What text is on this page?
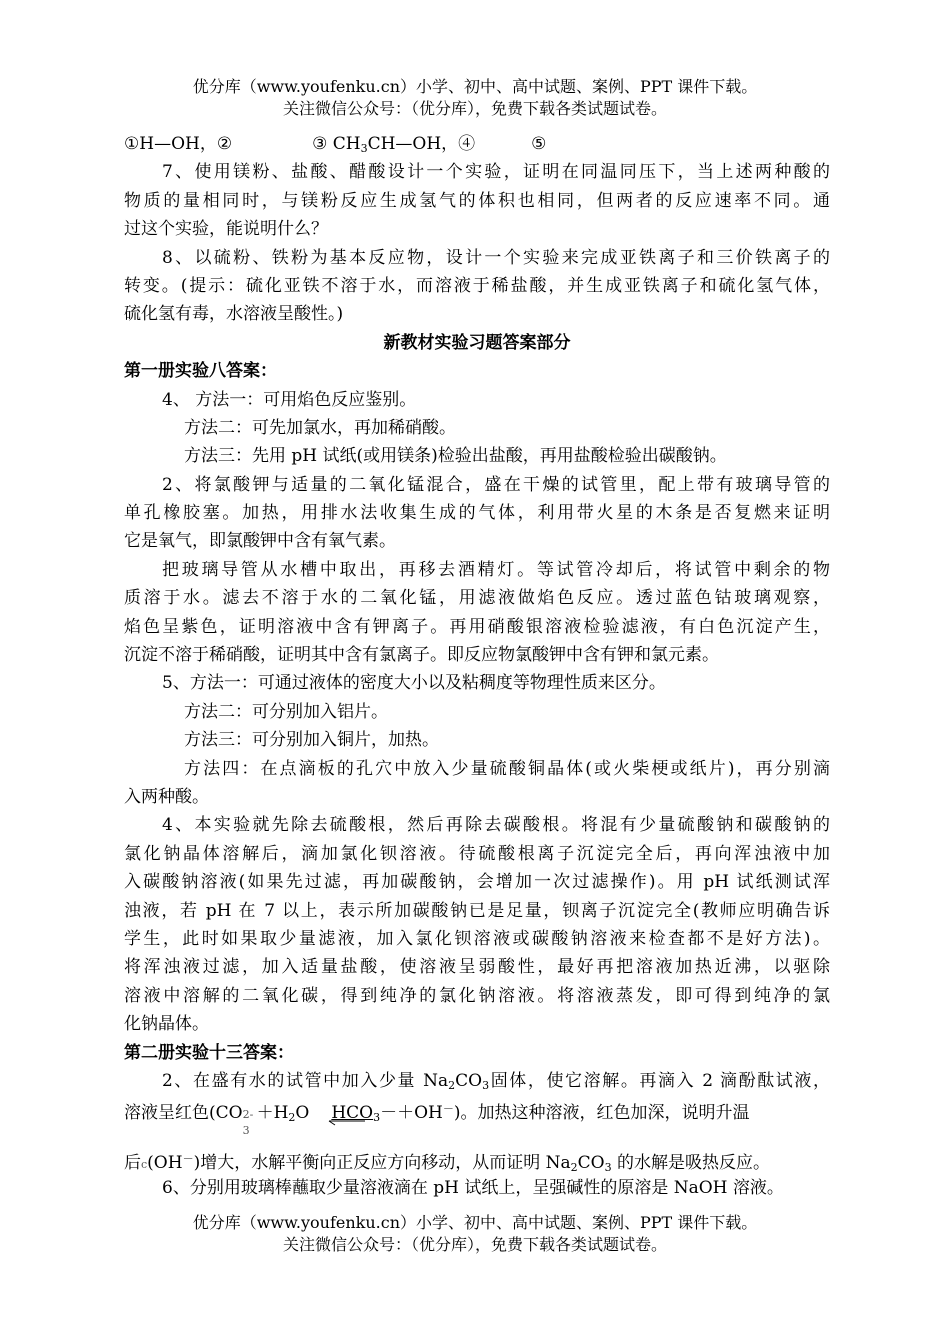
优分库（www.youfenku.cn）小学、初中、高中试题、案例、PPT 课件下载。
关注微信公众号：（优分库），免费下载各类试题试卷。
①H—OH，②	③ $CH_3CH—OH$，④	⑤
7、使用镁粉、盐酸、醋酸设计一个实验，证明在同温同压下，当上述两种酸的
物质的量相同时，与镁粉反应生成氢气的体积也相同，但两者的反应速率不同。通
过这个实验，能说明什么？
8、以硫粉、铁粉为基本反应物，设计一个实验来完成亚铁离子和三价铁离子的
转变。(提示：硫化亚铁不溶于水，而溶液于稀盐酸，并生成亚铁离子和硫化氢气体，
硫化氢有毒，水溶液呈酸性。)
新教材实验习题答案部分
第一册实验八答案：
4、 方法一：可用焰色反应鉴别。
方法二：可先加氯水，再加稀硝酸。
方法三：先用 pH 试纸(或用镁条)检验出盐酸，再用盐酸检验出碳酸钠。
2、将氯酸钾与适量的二氧化锰混合，盛在干燥的试管里，配上带有玻璃导管的
单孔橡胶塞。加热，用排水法收集生成的气体，利用带火星的木条是否复燃来证明
它是氧气，即氯酸钾中含有氧气素。
把玻璃导管从水槽中取出，再移去酒精灯。等试管冷却后，将试管中剩余的物
质溶于水。滤去不溶于水的二氧化锰，用滤液做焰色反应。透过蓝色钴玻璃观察，
焰色呈紫色，证明溶液中含有钾离子。再用硝酸银溶液检验滤液，有白色沉淀产生，
沉淀不溶于稀硝酸，证明其中含有氯离子。即反应物氯酸钾中含有钾和氯元素。
5、方法一：可通过液体的密度大小以及粘稠度等物理性质来区分。
方法二：可分别加入铝片。
方法三：可分别加入铜片，加热。
方法四：在点滴板的孔穴中放入少量硫酸铜晶体(或火柴梗或纸片)，再分别滴
入两种酸。
4、本实验就先除去硫酸根，然后再除去碳酸根。将混有少量硫酸钠和碳酸钠的
氯化钠晶体溶解后，滴加氯化钡溶液。待硫酸根离子沉淀完全后，再向浑浊液中加
入碳酸钠溶液(如果先过滤，再加碳酸钠，会增加一次过滤操作)。用 pH 试纸测试浑
浊液，若 pH 在 7 以上，表示所加碳酸钠已是足量，钡离子沉淀完全(教师应明确告诉
学生，此时如果取少量滤液，加入氯化钡溶液或碳酸钠溶液来检查都不是好方法)。
将浑浊液过滤，加入适量盐酸，使溶液呈弱酸性，最好再把溶液加热近沸，以驱除
溶液中溶解的二氧化碳，得到纯净的氯化钠溶液。将溶液蒸发，即可得到纯净的氯
化钠晶体。
第二册实验十三答案：
2、在盛有水的试管中加入少量 $Na_2CO_3$固体，使它溶解。再滴入 2 滴酚酞试液，
溶液呈红色(CO 2-
3
$+H_2O$ $HCO_3-+OH^-$)。加热这种溶液，红色加深，说明升温
后c(OH－)增大，水解平衡向正反应方向移动，从而证明 $Na_2CO_3$ 的水解是吸热反应。
6、分别用玻璃棒蘸取少量溶液滴在 pH 试纸上，呈强碱性的原溶是 NaOH 溶液。
优分库（www.youfenku.cn）小学、初中、高中试题、案例、PPT 课件下载。
关注微信公众号：（优分库），免费下载各类试题试卷。
